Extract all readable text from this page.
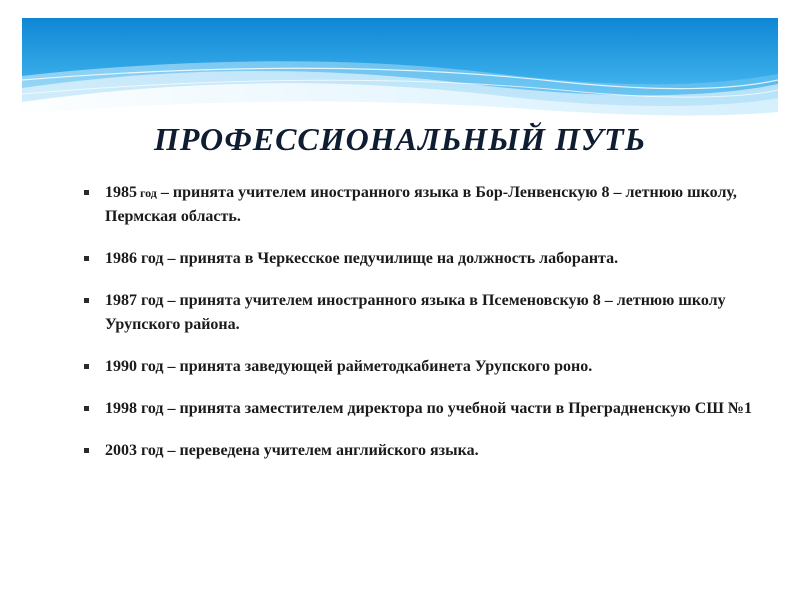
ПРОФЕССИОНАЛЬНЫЙ ПУТЬ
1985 год – принята учителем иностранного языка в Бор-Ленвенскую 8 – летнюю школу, Пермская область.
1986 год – принята в Черкесское педучилище на должность лаборанта.
1987 год – принята учителем иностранного языка в Псеменовскую 8 – летнюю школу Урупского района.
1990 год – принята заведующей райметодкабинета Урупского роно.
1998 год – принята заместителем директора по учебной части в Преградненскую СШ №1
2003 год – переведена учителем английского языка.
